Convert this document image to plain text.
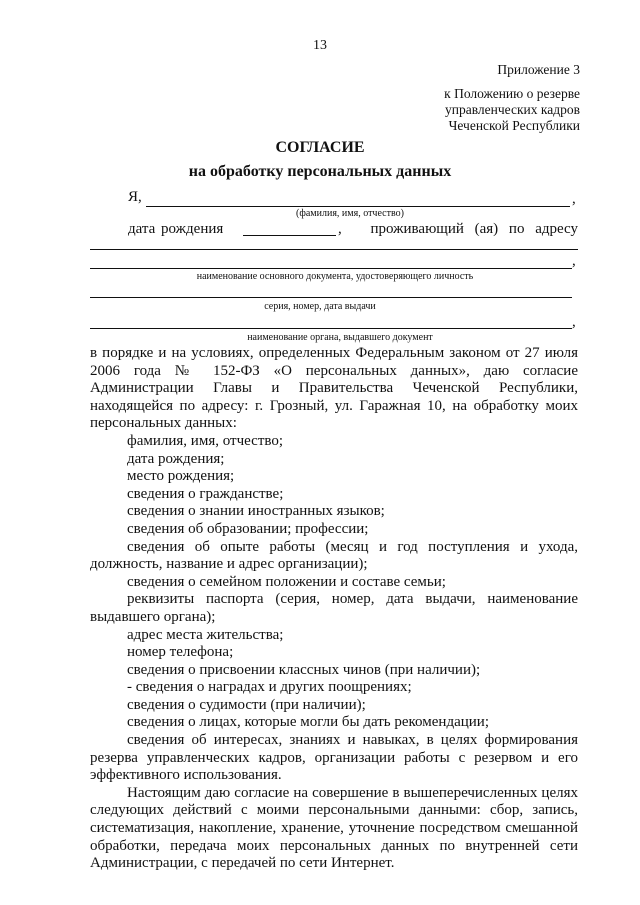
13
Приложение 3
к Положению о резерве
управленческих кадров
Чеченской Республики
СОГЛАСИЕ
на обработку персональных данных
Я,	,
(фамилия, имя, отчество)
дата рождения	,	проживающий (ая) по адресу
,
наименование основного документа, удостоверяющего личность
серия, номер, дата выдачи
,
наименование органа, выдавшего документ

в порядке и на условиях, определенных Федеральным законом от 27 июля 2006 года № 152-ФЗ «О персональных данных», даю согласие Администрации Главы и Правительства Чеченской Республики, находящейся по адресу: г. Грозный, ул. Гаражная 10, на обработку моих персональных данных:

фамилия, имя, отчество;

дата рождения;

место рождения;

сведения о гражданстве;

сведения о знании иностранных языков;

сведения об образовании; профессии;

сведения об опыте работы (месяц и год поступления и ухода, должность, название и адрес организации);

сведения о семейном положении и составе семьи;

реквизиты паспорта (серия, номер, дата выдачи, наименование выдавшего органа);

адрес места жительства;

номер телефона;

сведения о присвоении классных чинов (при наличии);

- сведения о наградах и других поощрениях;

сведения о судимости (при наличии);

сведения о лицах, которые могли бы дать рекомендации;

сведения об интересах, знаниях и навыках, в целях формирования резерва управленческих кадров, организации работы с резервом и его эффективного использования.

Настоящим даю согласие на совершение в вышеперечисленных целях следующих действий с моими персональными данными: сбор, запись, систематизация, накопление, хранение, уточнение посредством смешанной обработки, передача моих персональных данных по внутренней сети Администрации, с передачей по сети Интернет.
